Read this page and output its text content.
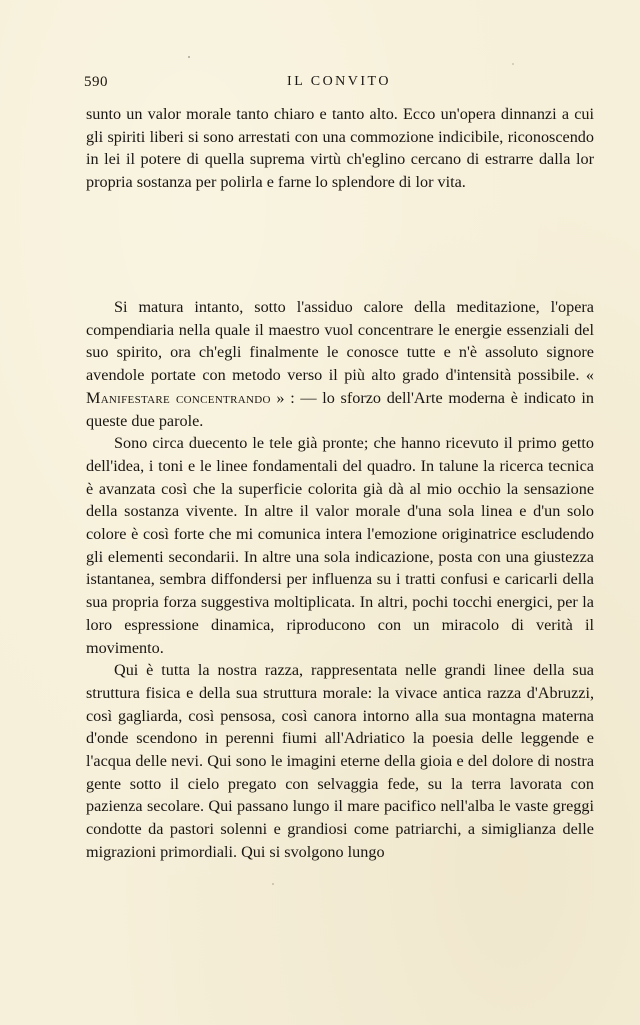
590	IL CONVITO

sunto un valor morale tanto chiaro e tanto alto. Ecco un'opera dinnanzi a cui gli spiriti liberi si sono arrestati con una commozione indicibile, riconoscendo in lei il potere di quella suprema virtù ch'eglino cercano di estrarre dalla lor propria sostanza per polirla e farne lo splendore di lor vita.

Si matura intanto, sotto l'assiduo calore della meditazione, l'opera compendiaria nella quale il maestro vuol concentrare le energie essenziali del suo spirito, ora ch'egli finalmente le conosce tutte e n'è assoluto signore avendole portate con metodo verso il più alto grado d'intensità possibile. « Manifestare concentrando » : — lo sforzo dell'Arte moderna è indicato in queste due parole.

Sono circa duecento le tele già pronte; che hanno ricevuto il primo getto dell'idea, i toni e le linee fondamentali del quadro. In talune la ricerca tecnica è avanzata così che la superficie colorita già dà al mio occhio la sensazione della sostanza vivente. In altre il valor morale d'una sola linea e d'un solo colore è così forte che mi comunica intera l'emozione originatrice escludendo gli elementi secondarii. In altre una sola indicazione, posta con una giustezza istantanea, sembra diffondersi per influenza su i tratti confusi e caricarli della sua propria forza suggestiva moltiplicata. In altri, pochi tocchi energici, per la loro espressione dinamica, riproducono con un miracolo di verità il movimento.

Qui è tutta la nostra razza, rappresentata nelle grandi linee della sua struttura fisica e della sua struttura morale: la vivace antica razza d'Abruzzi, così gagliarda, così pensosa, così canora intorno alla sua montagna materna d'onde scendono in perenni fiumi all'Adriatico la poesia delle leggende e l'acqua delle nevi. Qui sono le imagini eterne della gioia e del dolore di nostra gente sotto il cielo pregato con selvaggia fede, su la terra lavorata con pazienza secolare. Qui passano lungo il mare pacifico nell'alba le vaste greggi condotte da pastori solenni e grandiosi come patriarchi, a simiglianza delle migrazioni primordiali. Qui si svolgono lungo
